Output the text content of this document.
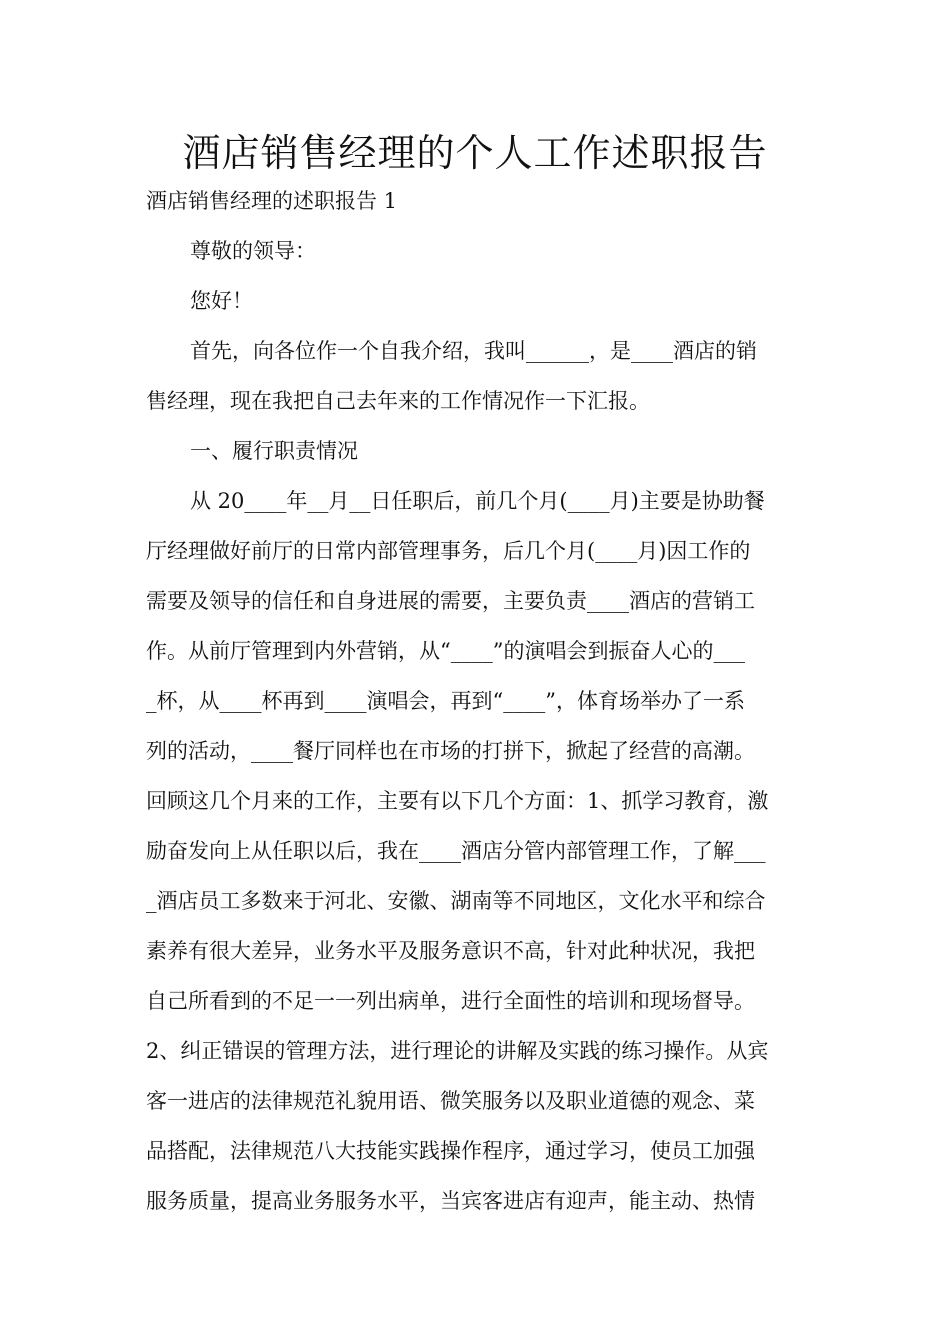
酒店销售经理的个人工作述职报告

酒店销售经理的述职报告 1

尊敬的领导：

您好！

首先，向各位作一个自我介绍，我叫______，是____酒店的销

售经理，现在我把自己去年来的工作情况作一下汇报。

一、履行职责情况

从 20____年__月__日任职后，前几个月(____月)主要是协助餐

厅经理做好前厅的日常内部管理事务，后几个月(____月)因工作的

需要及领导的信任和自身进展的需要，主要负责____酒店的营销工

作。从前厅管理到内外营销，从“____”的演唱会到振奋人心的___

_杯，从____杯再到____演唱会，再到“____”，体育场举办了一系

列的活动，____餐厅同样也在市场的打拼下，掀起了经营的高潮。

回顾这几个月来的工作，主要有以下几个方面：1、抓学习教育，激

励奋发向上从任职以后，我在____酒店分管内部管理工作，了解___

_酒店员工多数来于河北、安徽、湖南等不同地区，文化水平和综合

素养有很大差异，业务水平及服务意识不高，针对此种状况，我把

自己所看到的不足一一列出病单，进行全面性的培训和现场督导。

2、纠正错误的管理方法，进行理论的讲解及实践的练习操作。从宾

客一进店的法律规范礼貌用语、微笑服务以及职业道德的观念、菜

品搭配，法律规范八大技能实践操作程序，通过学习，使员工加强

服务质量，提高业务服务水平，当宾客进店有迎声，能主动、热情
